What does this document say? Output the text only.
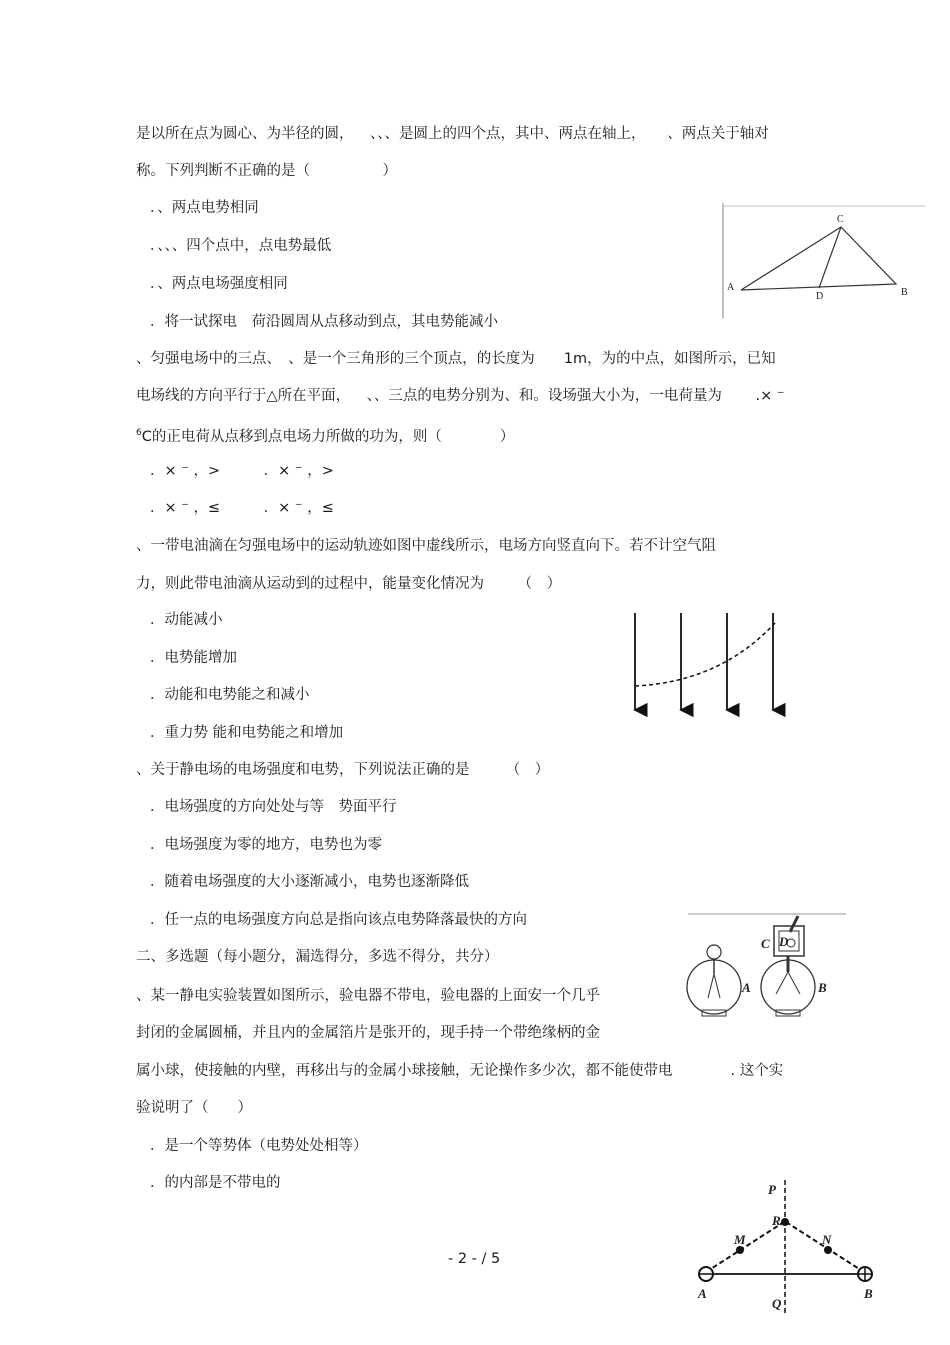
是以所在点为圆心、为半径的圆，　  、、、是圆上的四个点，其中、两点在轴上，　　、两点关于轴对
称。下列判断不正确的是（　　　　　）
．、两点电势相同
．、、、四个点中，点电势最低
．、两点电场强度相同
．将一试探电　荷沿圆周从点移动到点，其电势能减小
、匀强电场中的三点、　、是一个三角形的三个顶点，的长度为　　1m，为的中点，如图所示，已知
电场线的方向平行于△所在平面，　  、、三点的电势分别为、和。设场强大小为，一电荷量为　 　.× ⁻
$^6$C的正电荷从点移到点电场力所做的功为，则（　　　　）
．× ⁻ ，>　　　．× ⁻ ，>
．× ⁻ ，≤　　　．× ⁻ ，≤
、一带电油滴在匀强电场中的运动轨迹如图中虚线所示，电场方向竖直向下。若不计空气阻
力，则此带电油滴从运动到的过程中，能量变化情况为　　 （　）
．动能减小
．电势能增加
．动能和电势能之和减小
．重力势 能和电势能之和增加
、关于静电场的电场强度和电势，下列说法正确的是　　　（　）
．电场强度的方向处处与等　势面平行
．电场强度为零的地方，电势也为零
．随着电场强度的大小逐渐减小，电势也逐渐降低
．任一点的电场强度方向总是指向该点电势降落最快的方向
二、多选题（每小题分，漏选得分，多选不得分，共分）
、某一静电实验装置如图所示，验电器不带电，验电器的上面安一个几乎
封闭的金属圆桶，并且内的金属箔片是张开的，现手持一个带绝缘柄的金
属小球，使接触的内壁，再移出与的金属小球接触，无论操作多少次，都不能使带电　　　　. 这个实
验说明了（　　）
．是一个等势体（电势处处相等）
．的内部是不带电的
- 2 - / 5
C
A
D	B
A
C D
B
P
R
M	N
A	B
Q
